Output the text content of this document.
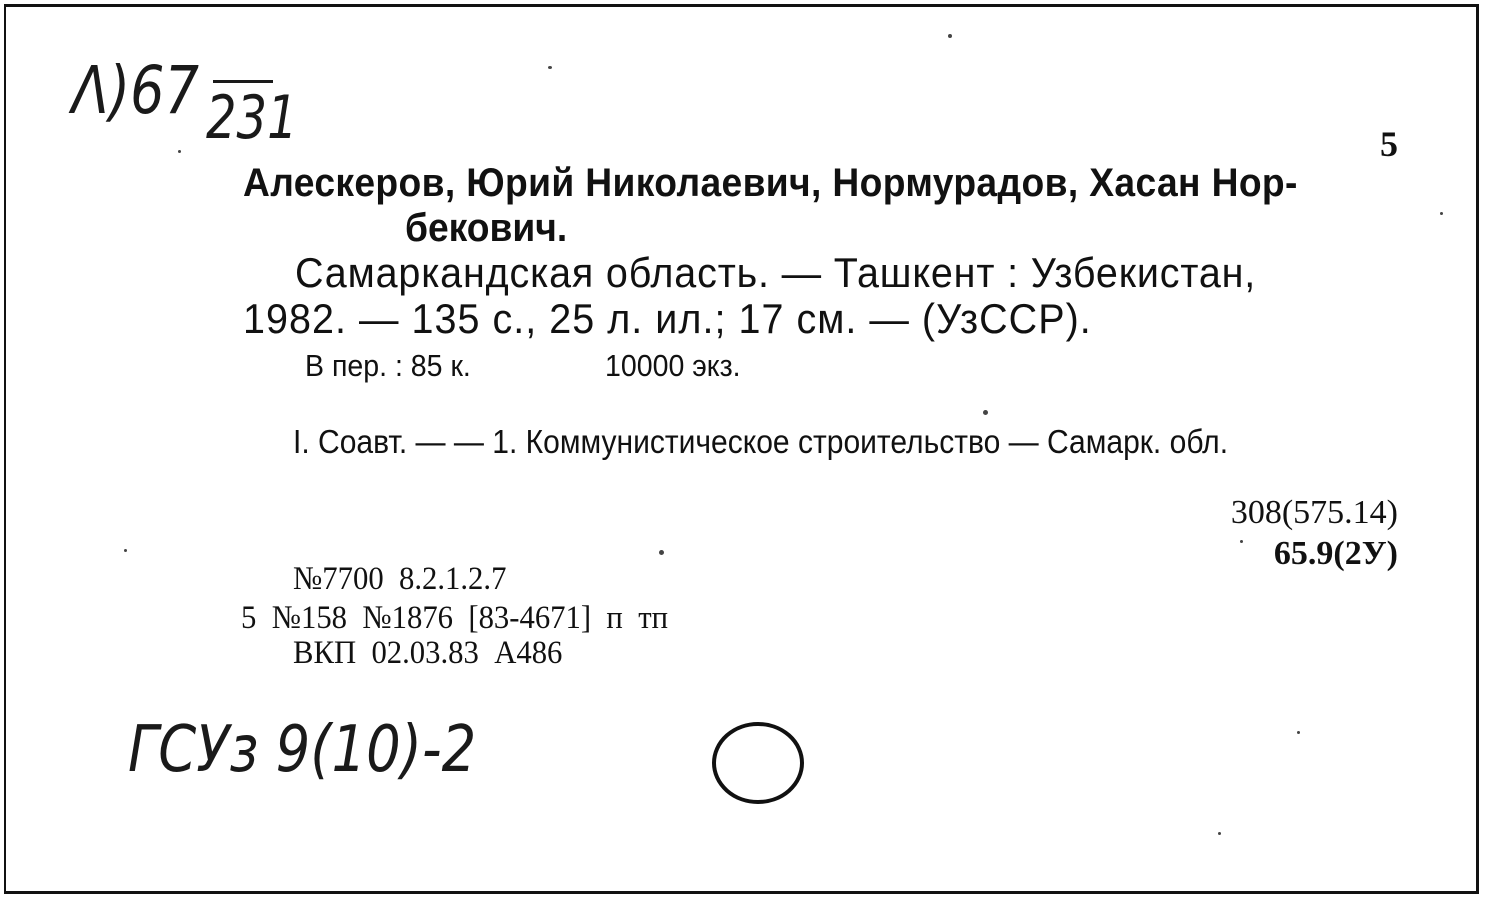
Λ)67 231	5
Алескеров, Юрий Николаевич, Нормурадов, Хасан Нор-
бекович.
Самаркандская область. — Ташкент : Узбекистан,
1982. — 135 с., 25 л. ил.; 17 см. — (УзССР).
В пер. : 85 к.	10000 экз.
I. Соавт. — — 1. Коммунистическое строительство — Самарк. обл.
308(575.14)
65.9(2У)
№7700  8.2.1.2.7
5  №158  №1876  [83-4671]  п  тп
ВКП  02.03.83  А486
ГСУз 9(10)-2
